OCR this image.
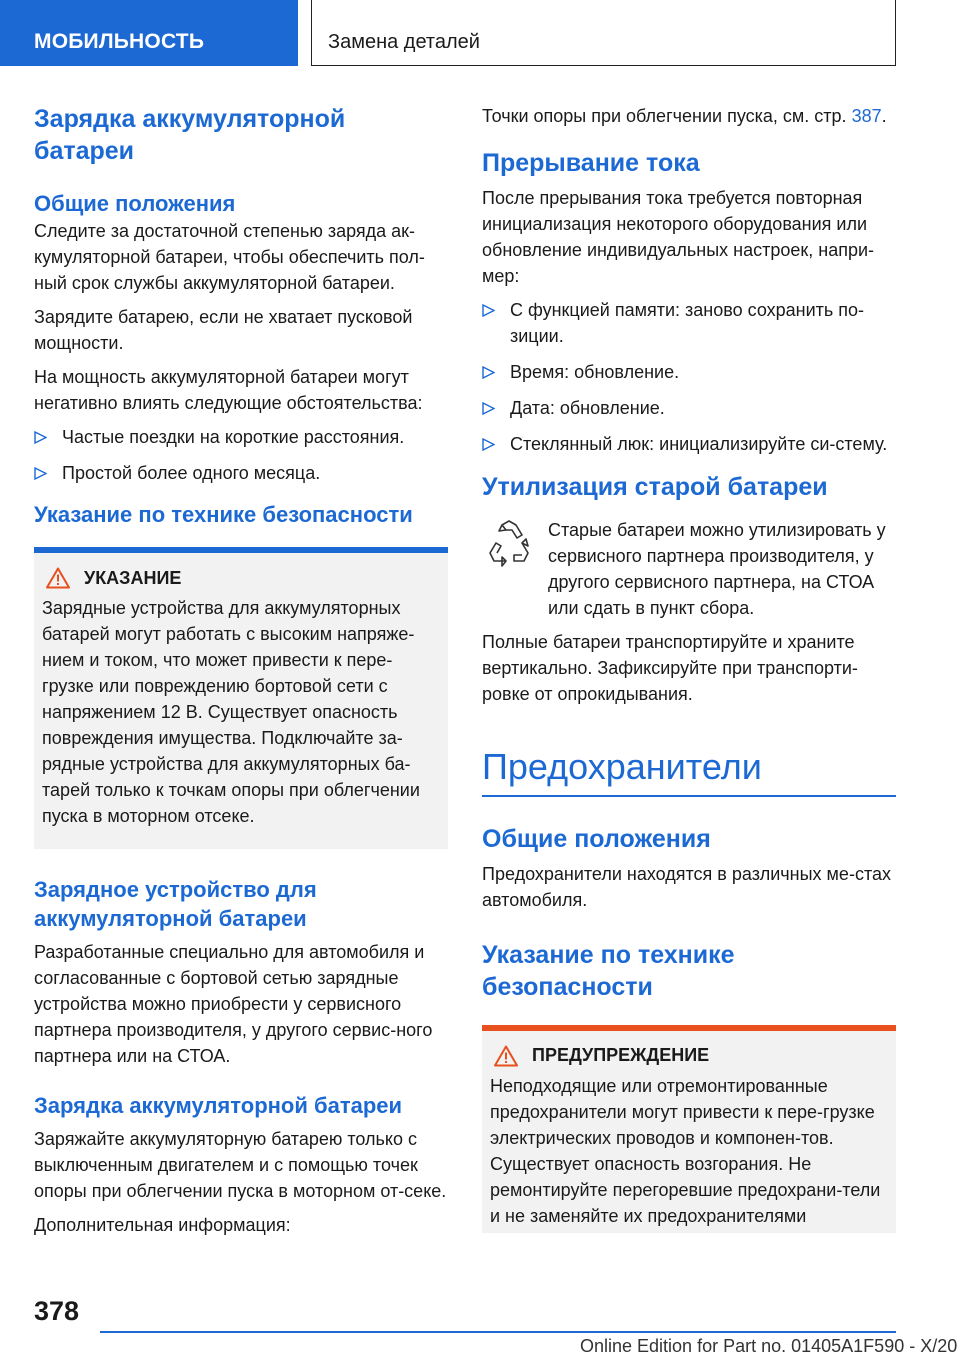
МОБИЛЬНОСТЬ	Замена деталей
Зарядка аккумуляторной батареи
Общие положения

Следите за достаточной степенью заряда ак-кумуляторной батареи, чтобы обеспечить пол-ный срок службы аккумуляторной батареи.

Зарядите батарею, если не хватает пусковой мощности.

На мощность аккумуляторной батареи могут негативно влиять следующие обстоятельства:

Частые поездки на короткие расстояния.
Простой более одного месяца.
Указание по технике безопасности
УКАЗАНИЕ

Зарядные устройства для аккумуляторных батарей могут работать с высоким напряже-нием и током, что может привести к пере-грузке или повреждению бортовой сети с напряжением 12 В. Существует опасность повреждения имущества. Подключайте за-рядные устройства для аккумуляторных ба-тарей только к точкам опоры при облегчении пуска в моторном отсеке.

Зарядное устройство для аккумуляторной батареи

Разработанные специально для автомобиля и согласованные с бортовой сетью зарядные устройства можно приобрести у сервисного партнера производителя, у другого сервис-ного партнера или на СТОА.

Зарядка аккумуляторной батареи

Заряжайте аккумуляторную батарею только с выключенным двигателем и с помощью точек опоры при облегчении пуска в моторном от-секе.

Дополнительная информация:

Точки опоры при облегчении пуска, см. стр. 387.

Прерывание тока

После прерывания тока требуется повторная инициализация некоторого оборудования или обновление индивидуальных настроек, напри-мер:

С функцией памяти: заново сохранить по-зиции.
Время: обновление.
Дата: обновление.
Стеклянный люк: инициализируйте си-стему.
Утилизация старой батареи

Старые батареи можно утилизировать у сервисного партнера производителя, у другого сервисного партнера, на СТОА или сдать в пункт сбора.

Полные батареи транспортируйте и храните вертикально. Зафиксируйте при транспорти-ровке от опрокидывания.

Предохранители
Общие положения

Предохранители находятся в различных ме-стах автомобиля.

Указание по технике безопасности
ПРЕДУПРЕЖДЕНИЕ

Неподходящие или отремонтированные предохранители могут привести к пере-грузке электрических проводов и компонен-тов. Существует опасность возгорания. Не ремонтируйте перегоревшие предохрани-тели и не заменяйте их предохранителями

378
Online Edition for Part no. 01405A1F590 - X/20
